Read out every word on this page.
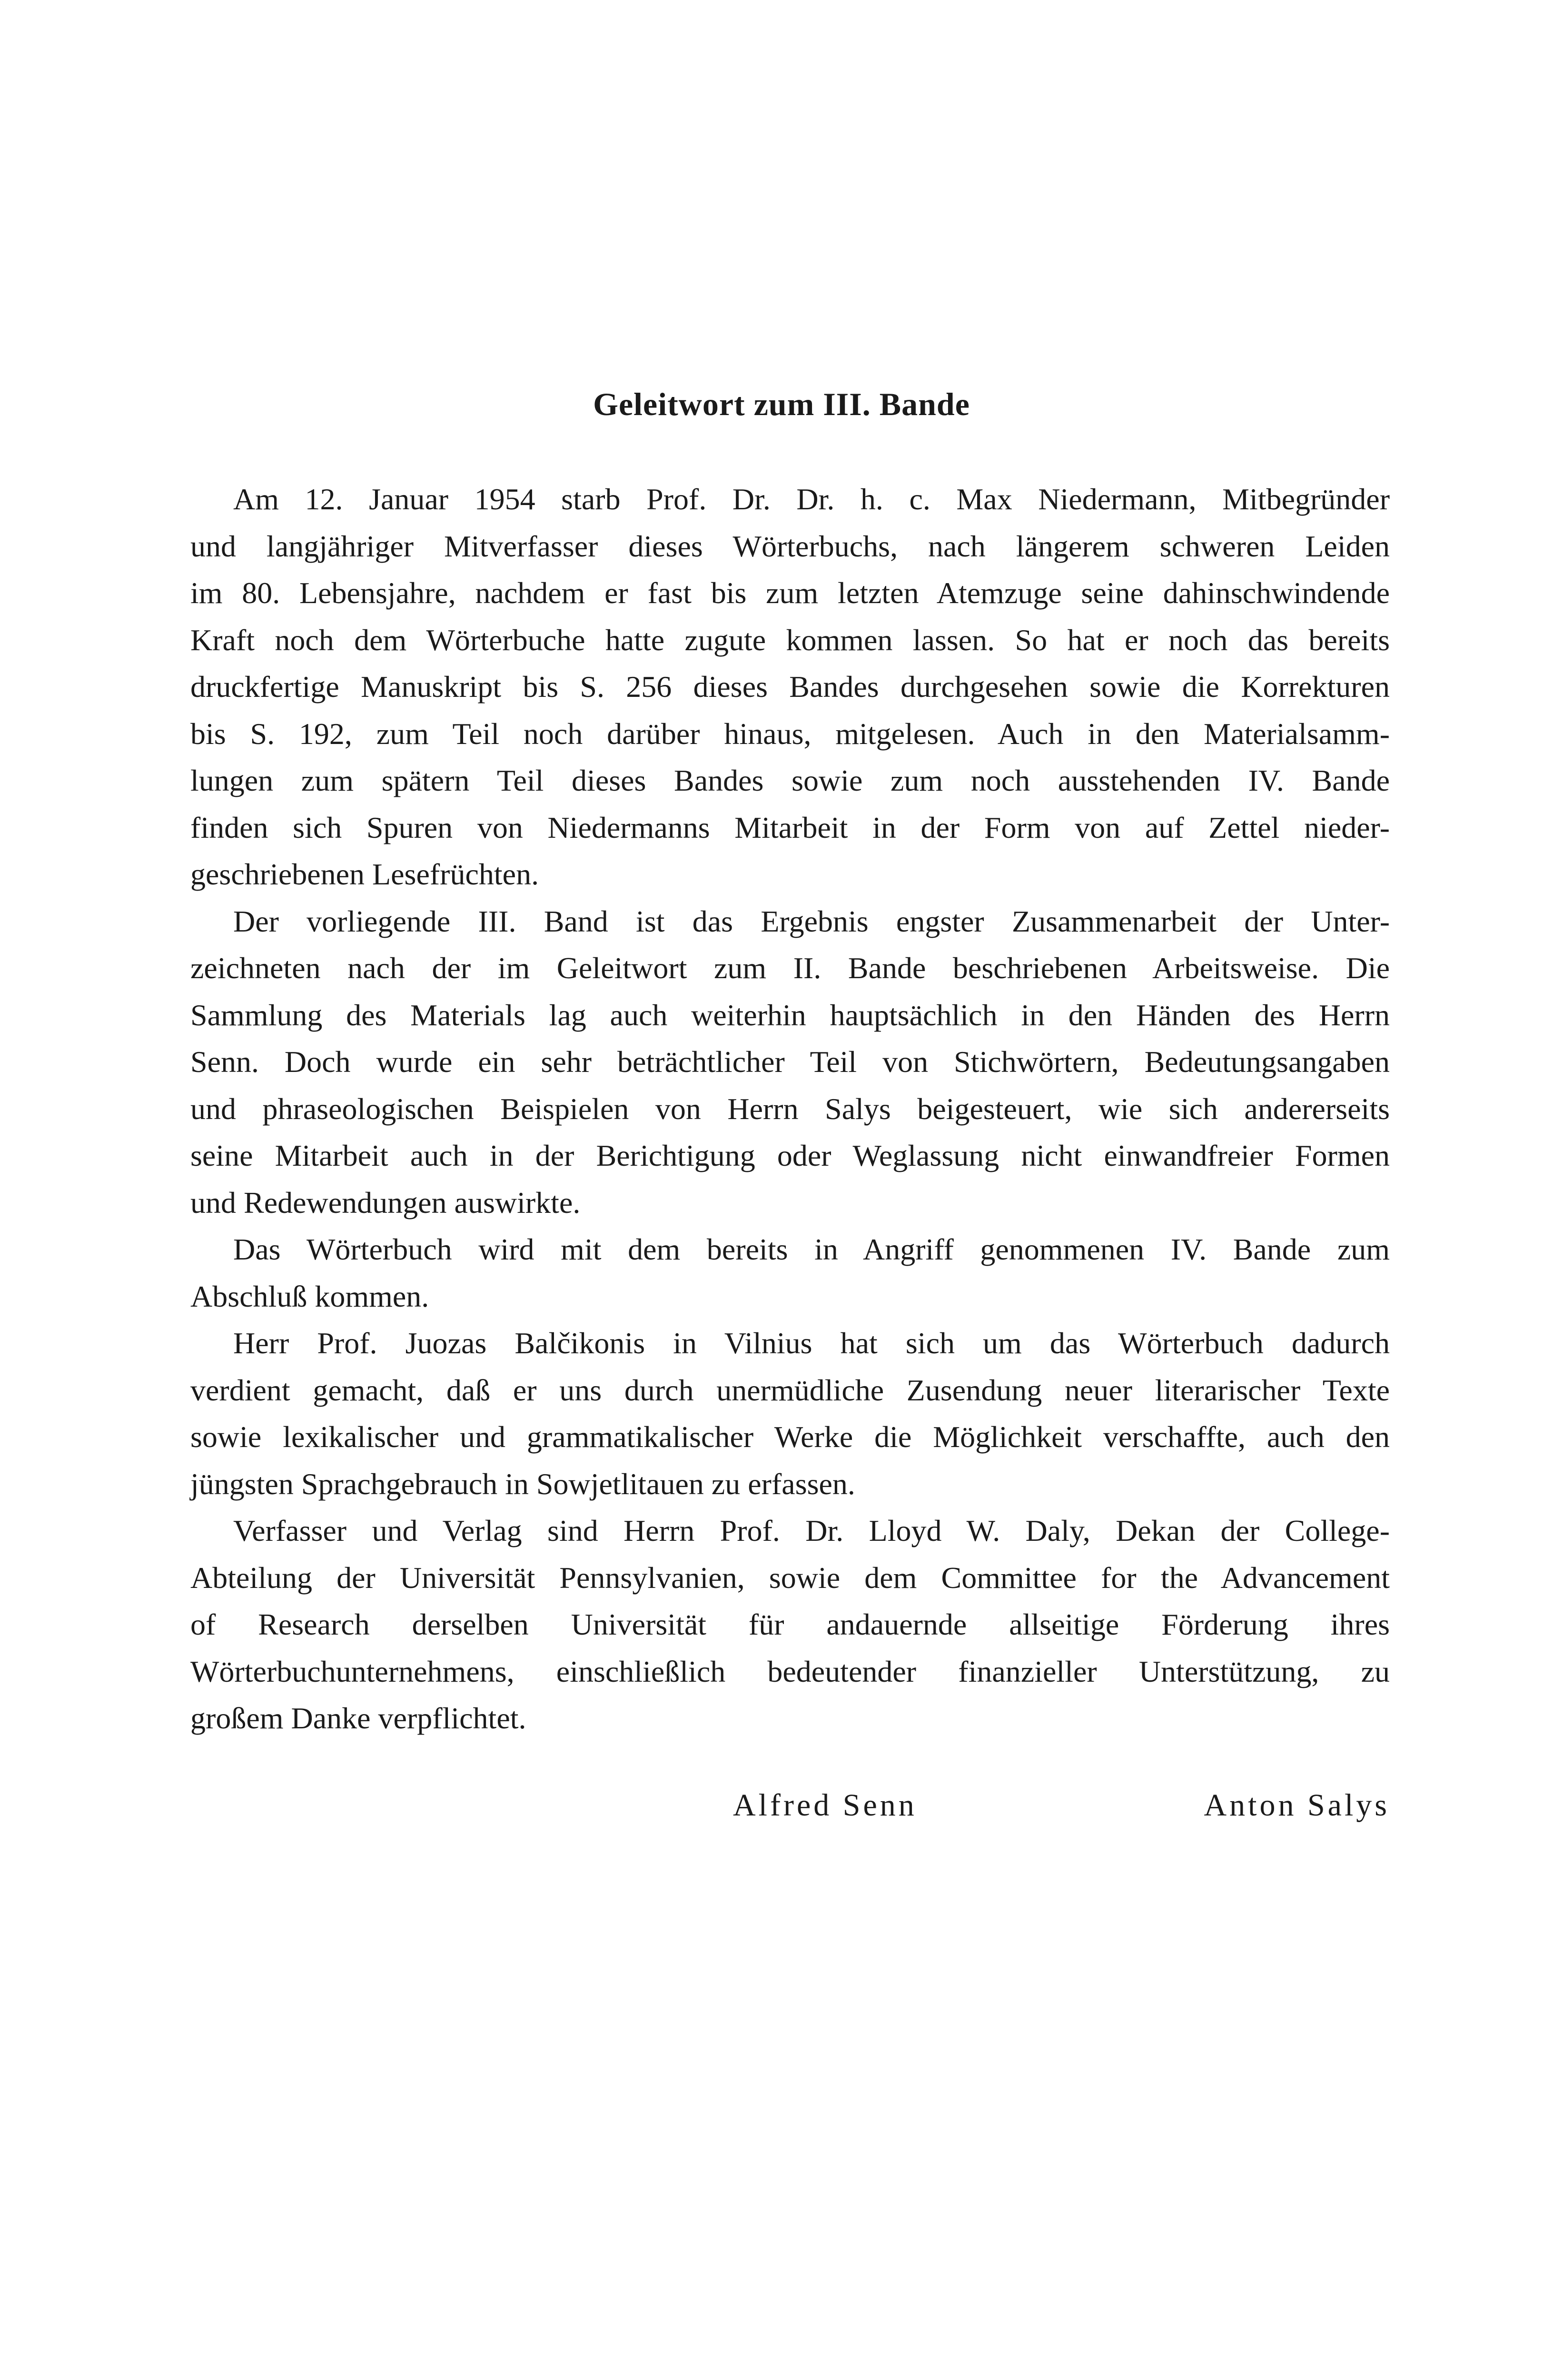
Geleitwort zum III. Bande

Am 12. Januar 1954 starb Prof. Dr. Dr. h. c. Max Niedermann, Mitbegründer
und langjähriger Mitverfasser dieses Wörterbuchs, nach längerem schweren Leiden
im 80. Lebensjahre, nachdem er fast bis zum letzten Atemzuge seine dahinschwindende
Kraft noch dem Wörterbuche hatte zugute kommen lassen. So hat er noch das bereits
druckfertige Manuskript bis S. 256 dieses Bandes durchgesehen sowie die Korrekturen
bis S. 192, zum Teil noch darüber hinaus, mitgelesen. Auch in den Materialsamm-
lungen zum spätern Teil dieses Bandes sowie zum noch ausstehenden IV. Bande
finden sich Spuren von Niedermanns Mitarbeit in der Form von auf Zettel nieder-
geschriebenen Lesefrüchten.

Der vorliegende III. Band ist das Ergebnis engster Zusammenarbeit der Unter-
zeichneten nach der im Geleitwort zum II. Bande beschriebenen Arbeitsweise. Die
Sammlung des Materials lag auch weiterhin hauptsächlich in den Händen des Herrn
Senn. Doch wurde ein sehr beträchtlicher Teil von Stichwörtern, Bedeutungsangaben
und phraseologischen Beispielen von Herrn Salys beigesteuert, wie sich andererseits
seine Mitarbeit auch in der Berichtigung oder Weglassung nicht einwandfreier Formen
und Redewendungen auswirkte.

Das Wörterbuch wird mit dem bereits in Angriff genommenen IV. Bande zum
Abschluß kommen.

Herr Prof. Juozas Balčikonis in Vilnius hat sich um das Wörterbuch dadurch
verdient gemacht, daß er uns durch unermüdliche Zusendung neuer literarischer Texte
sowie lexikalischer und grammatikalischer Werke die Möglichkeit verschaffte, auch den
jüngsten Sprachgebrauch in Sowjetlitauen zu erfassen.

Verfasser und Verlag sind Herrn Prof. Dr. Lloyd W. Daly, Dekan der College-
Abteilung der Universität Pennsylvanien, sowie dem Committee for the Advancement
of Research derselben Universität für andauernde allseitige Förderung ihres
Wörterbuchunternehmens, einschließlich bedeutender finanzieller Unterstützung, zu
großem Danke verpflichtet.

Alfred Senn	Anton Salys
